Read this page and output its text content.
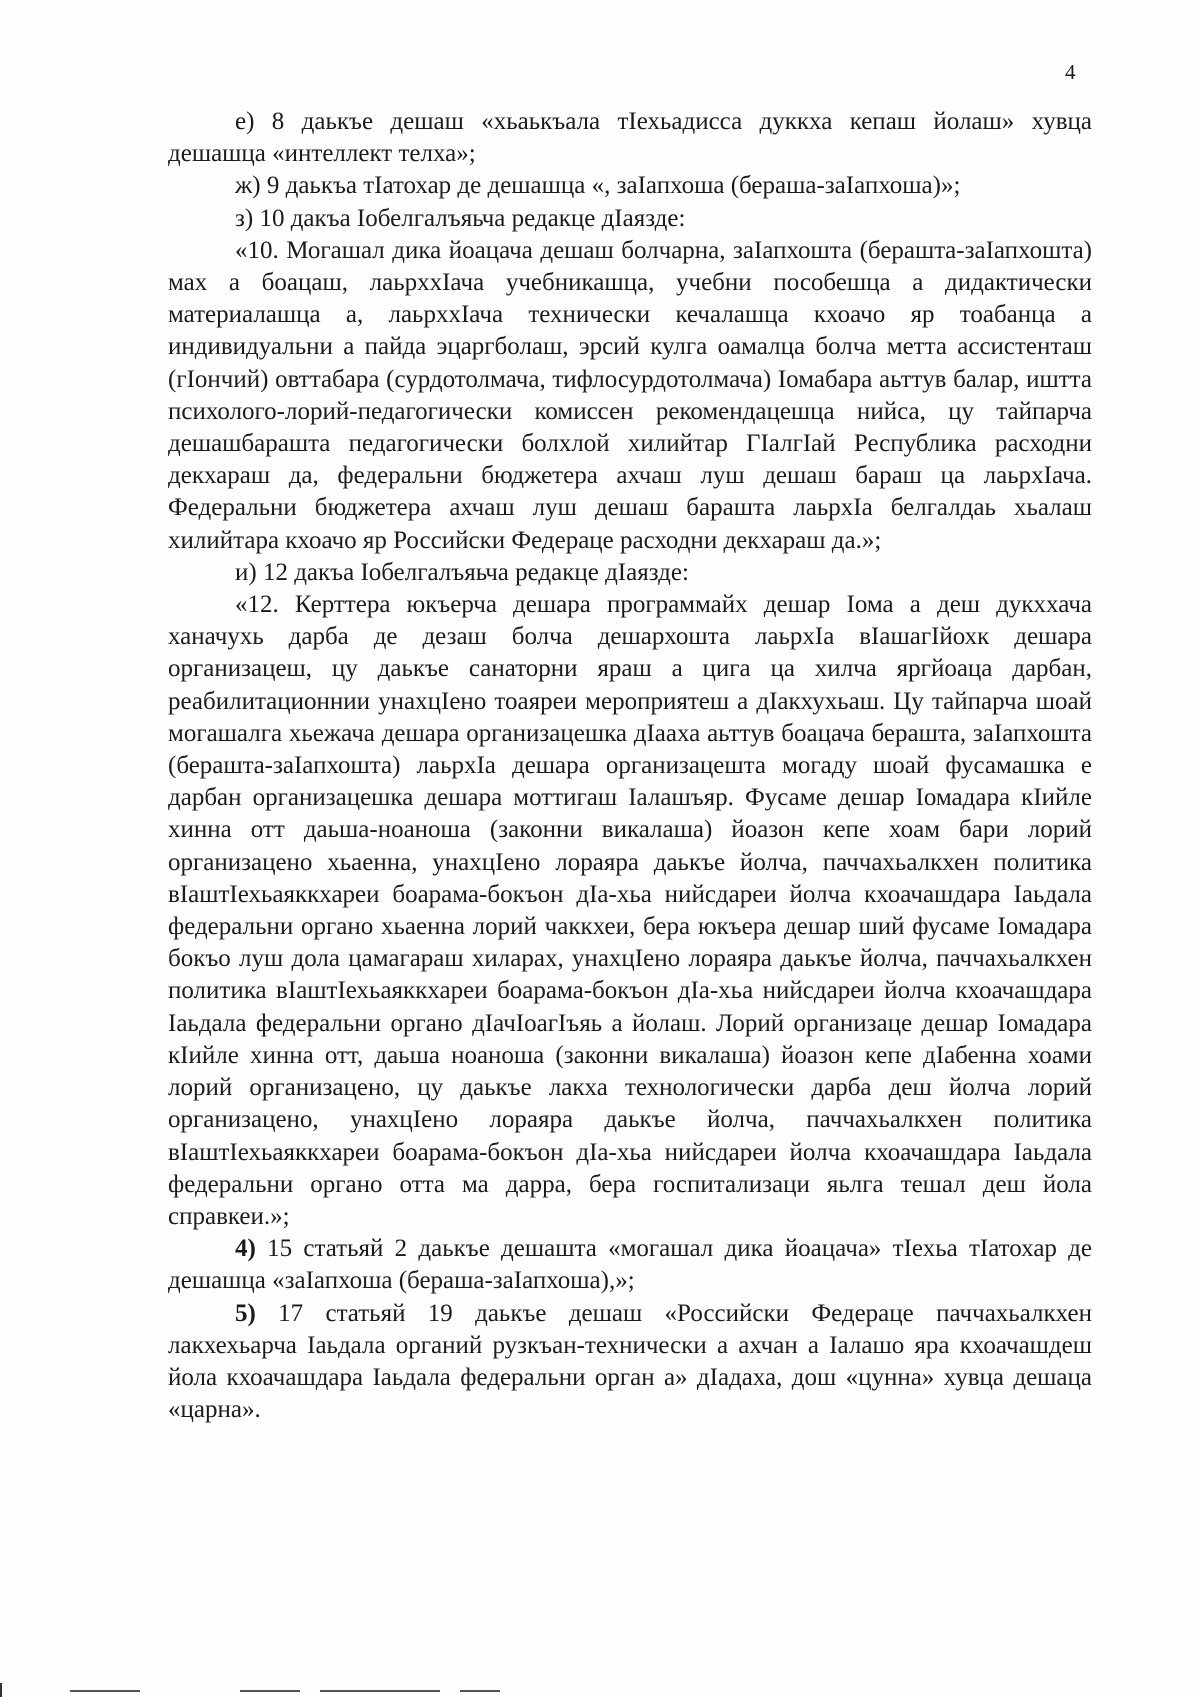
4

е) 8 даькъе дешаш «хьаькъала тIехьадисса дуккха кепаш йолаш» хувца дешашца «интеллект телха»;

ж) 9 даькъа тIатохар де дешашца «, заIапхоша (бераша-заIапхоша)»;

з) 10 дакъа Iобелгалъяьча редакце дIаязде:

«10. Могашал дика йоацача дешаш болчарна, заIапхошта (бераштa-заIапхошта) мах а боацаш, лаьрххIача учебникашца, учебни пособешца а дидактически материалашца а, лаьрххIача технически кечалашца кхоачо яр тоабанца а индивидуальни а пайда эцаргболаш, эрсий кулга оамалца болча метта ассистенташ (гIончий) овттабара (сурдотолмача, тифлосурдотолмача) Iомабара аьттув балар, иштта психолого-лорий-педагогически комиссен рекомендацешца нийса, цу тайпарча дешашбарашта педагогически болхлой хилийтар ГIалгIай Республика расходни декхараш да, федеральни бюджетера ахчаш луш дешаш бараш ца лаьрхIача. Федеральни бюджетера ахчаш луш дешаш барашта лаьрхIа белгалдаь хьалаш хилийтара кхоачо яр Российски Федераце расходни декхараш да.»;

и) 12 дакъа Iобелгалъяьча редакце дIаязде:

«12. Керттера юкъерча дешара программайх дешар Iома а деш дукххача ханачухь дарба де дезаш болча дешархошта лаьрхIа вIашагIйохк дешара организацеш, цу даькъе санаторни яраш а цига ца хилча яргйоаца дарбан, реабилитационнии унахцIено тоаяреи мероприятеш а дIакхухьаш. Цу тайпарча шоай могашалга хьежача дешара организацешка дIааха аьттув боацача бераштa, заIапхошта (бераштa-заIапхошта) лаьрхIа дешара организацешта могаду шоай фусамашка е дарбан организацешка дешара моттигаш Iалашъяр. Фусаме дешар Iомадара кIийле хинна отт даьша-ноаноша (законни викалаша) йоазон кепе хоам бари лорий организацено хьаенна, унахцIено лораяра даькъе йолча, паччахьалкхен политика вIаштIехьаяккхареи боарама-бокъон дIа-хьа нийсдареи йолча кхоачашдара Iаьдала федеральни органо хьаенна лорий чаккхеи, бера юкъера дешар ший фусаме Iомадара бокъо луш дола цамагараш хиларах, унахцIено лораяра даькъе йолча, паччахьалкхен политика вIаштIехьаяккхареи боарама-бокъон дIа-хьа нийсдареи йолча кхоачашдара Iаьдала федеральни органо дIачIоагIъяь а йолаш. Лорий организаце дешар Iомадара кIийле хинна отт, даьша ноаноша (законни викалаша) йоазон кепе дIабенна хоами лорий организацено, цу даькъе лакха технологически дарба деш йолча лорий организацено, унахцIено лораяра даькъе йолча, паччахьалкхен политика вIаштIехьаяккхареи боарама-бокъон дIа-хьа нийсдареи йолча кхоачашдара Iаьдала федеральни органо отта ма дарра, бера госпитализаци яьлга тешал деш йола справкеи.»;

4) 15 статьяй 2 даькъе дешашта «могашал дика йоацача» тIехьа тIатохар де дешашца «заIапхоша (бераша-заIапхоша),»;

5) 17 статьяй 19 даькъе дешаш «Российски Федераце паччахьалкхен лакхехьарча Iаьдала органий рузкъан-технически а ахчан а Iалашо яра кхоачашдеш йола кхоачашдара Iаьдала федеральни орган а» дIадаха, дош «цунна» хувца дешаца «царна».
